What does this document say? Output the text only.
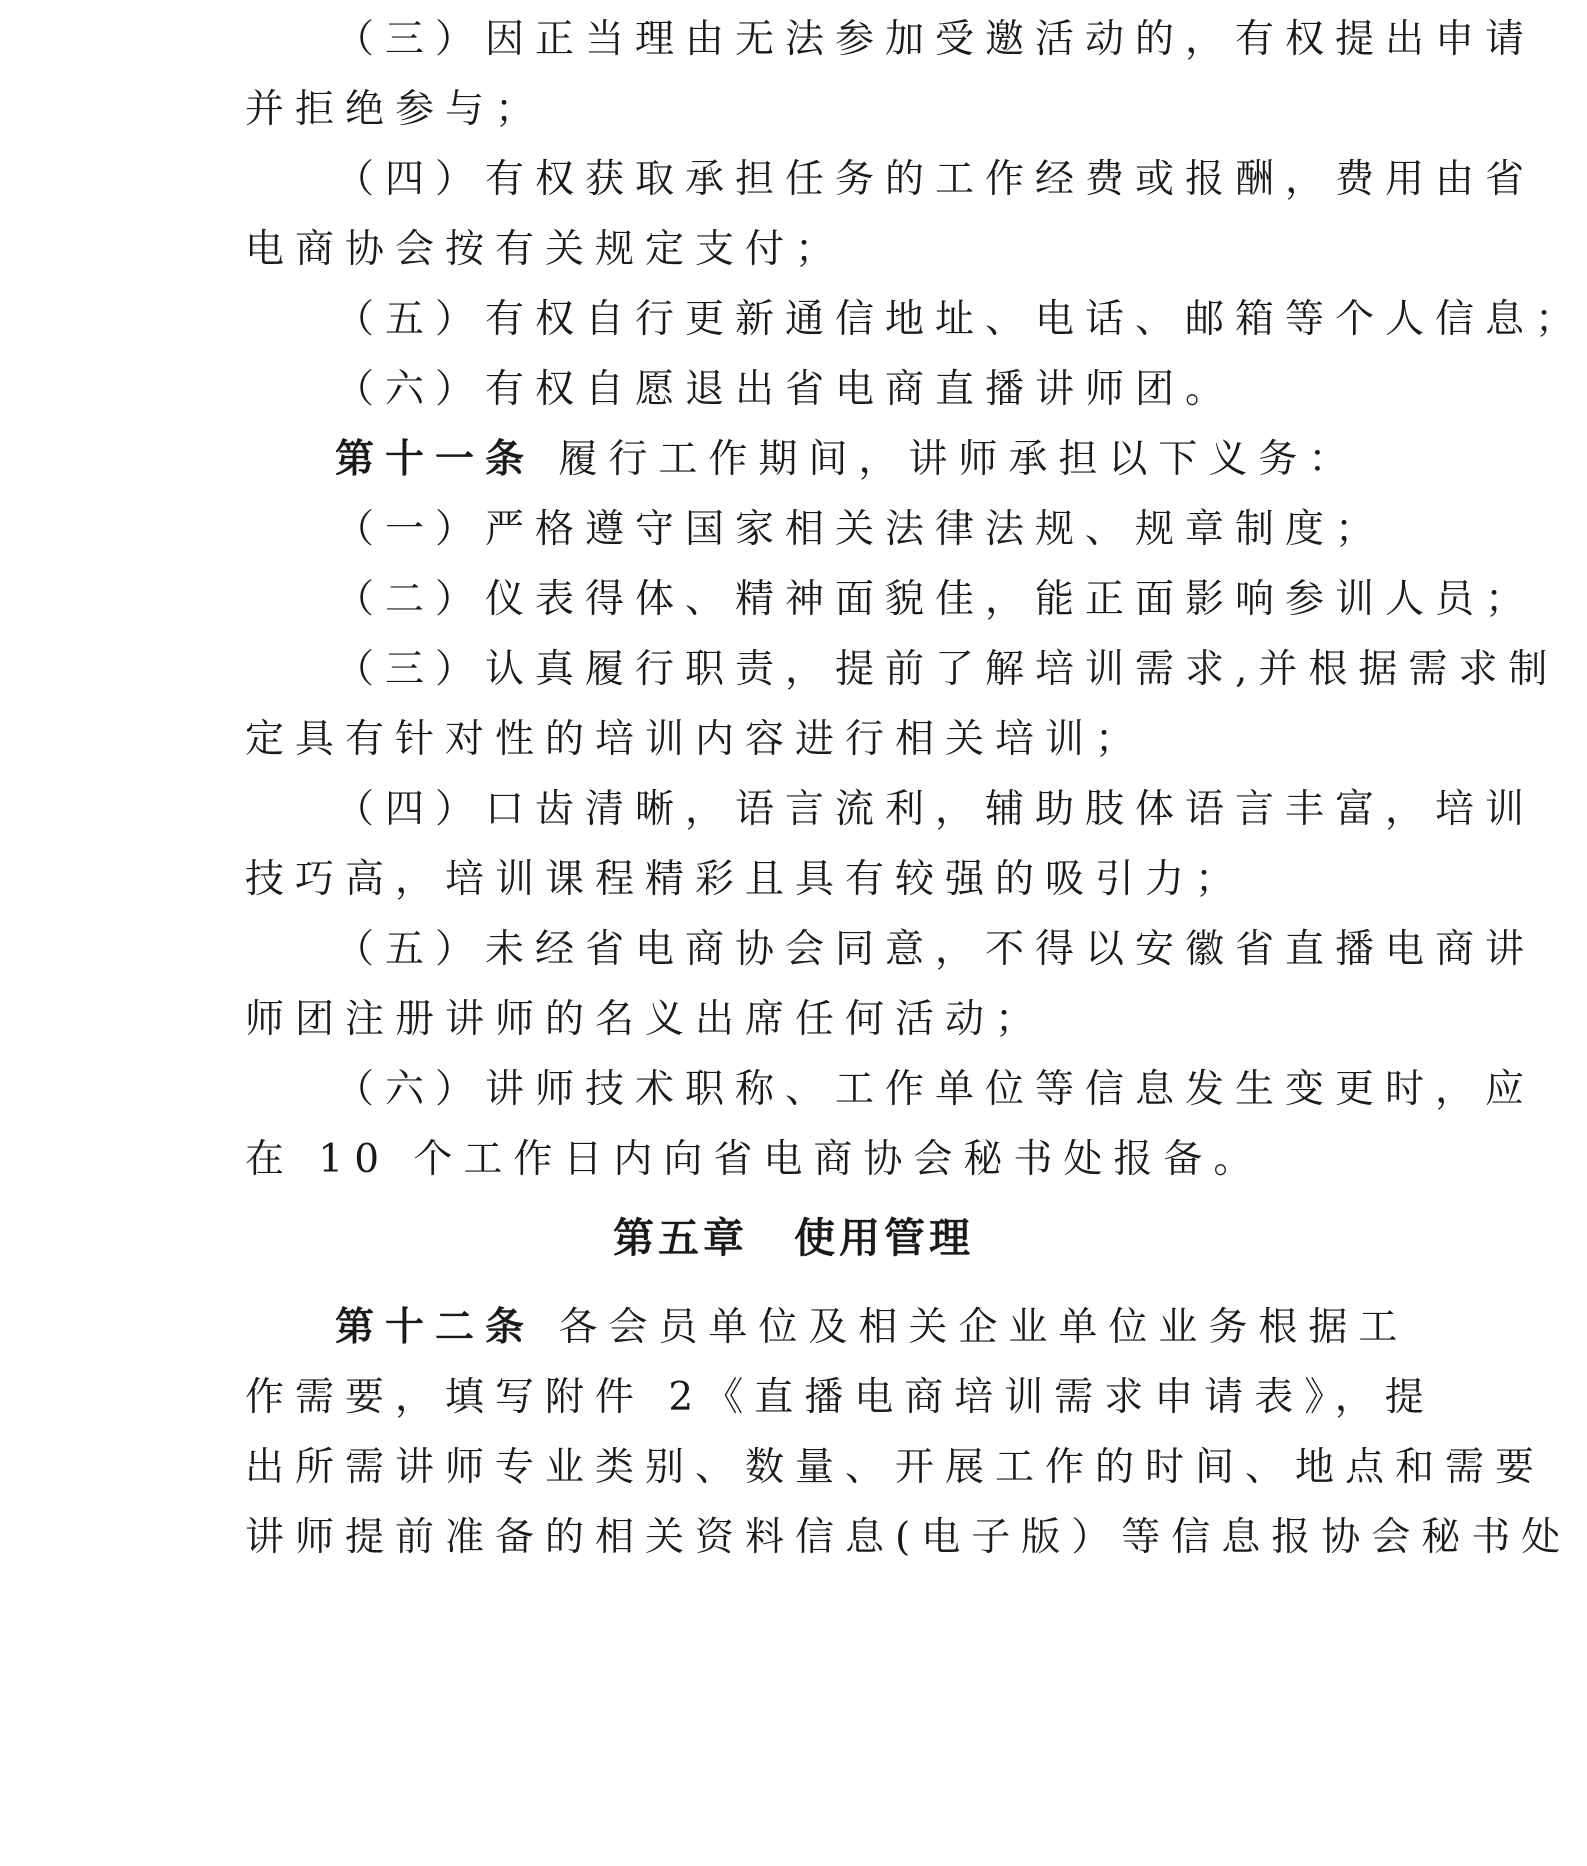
（三）因正当理由无法参加受邀活动的，有权提出申请
并拒绝参与；
（四）有权获取承担任务的工作经费或报酬，费用由省
电商协会按有关规定支付；
（五）有权自行更新通信地址、电话、邮箱等个人信息；
（六）有权自愿退出省电商直播讲师团。
第十一条 履行工作期间，讲师承担以下义务：
（一）严格遵守国家相关法律法规、规章制度；
（二）仪表得体、精神面貌佳，能正面影响参训人员；
（三）认真履行职责，提前了解培训需求,并根据需求制
定具有针对性的培训内容进行相关培训；
（四）口齿清晰，语言流利，辅助肢体语言丰富，培训
技巧高，培训课程精彩且具有较强的吸引力；
（五）未经省电商协会同意，不得以安徽省直播电商讲
师团注册讲师的名义出席任何活动；
（六）讲师技术职称、工作单位等信息发生变更时，应
在 10 个工作日内向省电商协会秘书处报备。
第五章 使用管理
第十二条 各会员单位及相关企业单位业务根据工
作需要，填写附件 2《直播电商培训需求申请表》，提
出所需讲师专业类别、数量、开展工作的时间、地点和需要
讲师提前准备的相关资料信息(电子版）等信息报协会秘书处
